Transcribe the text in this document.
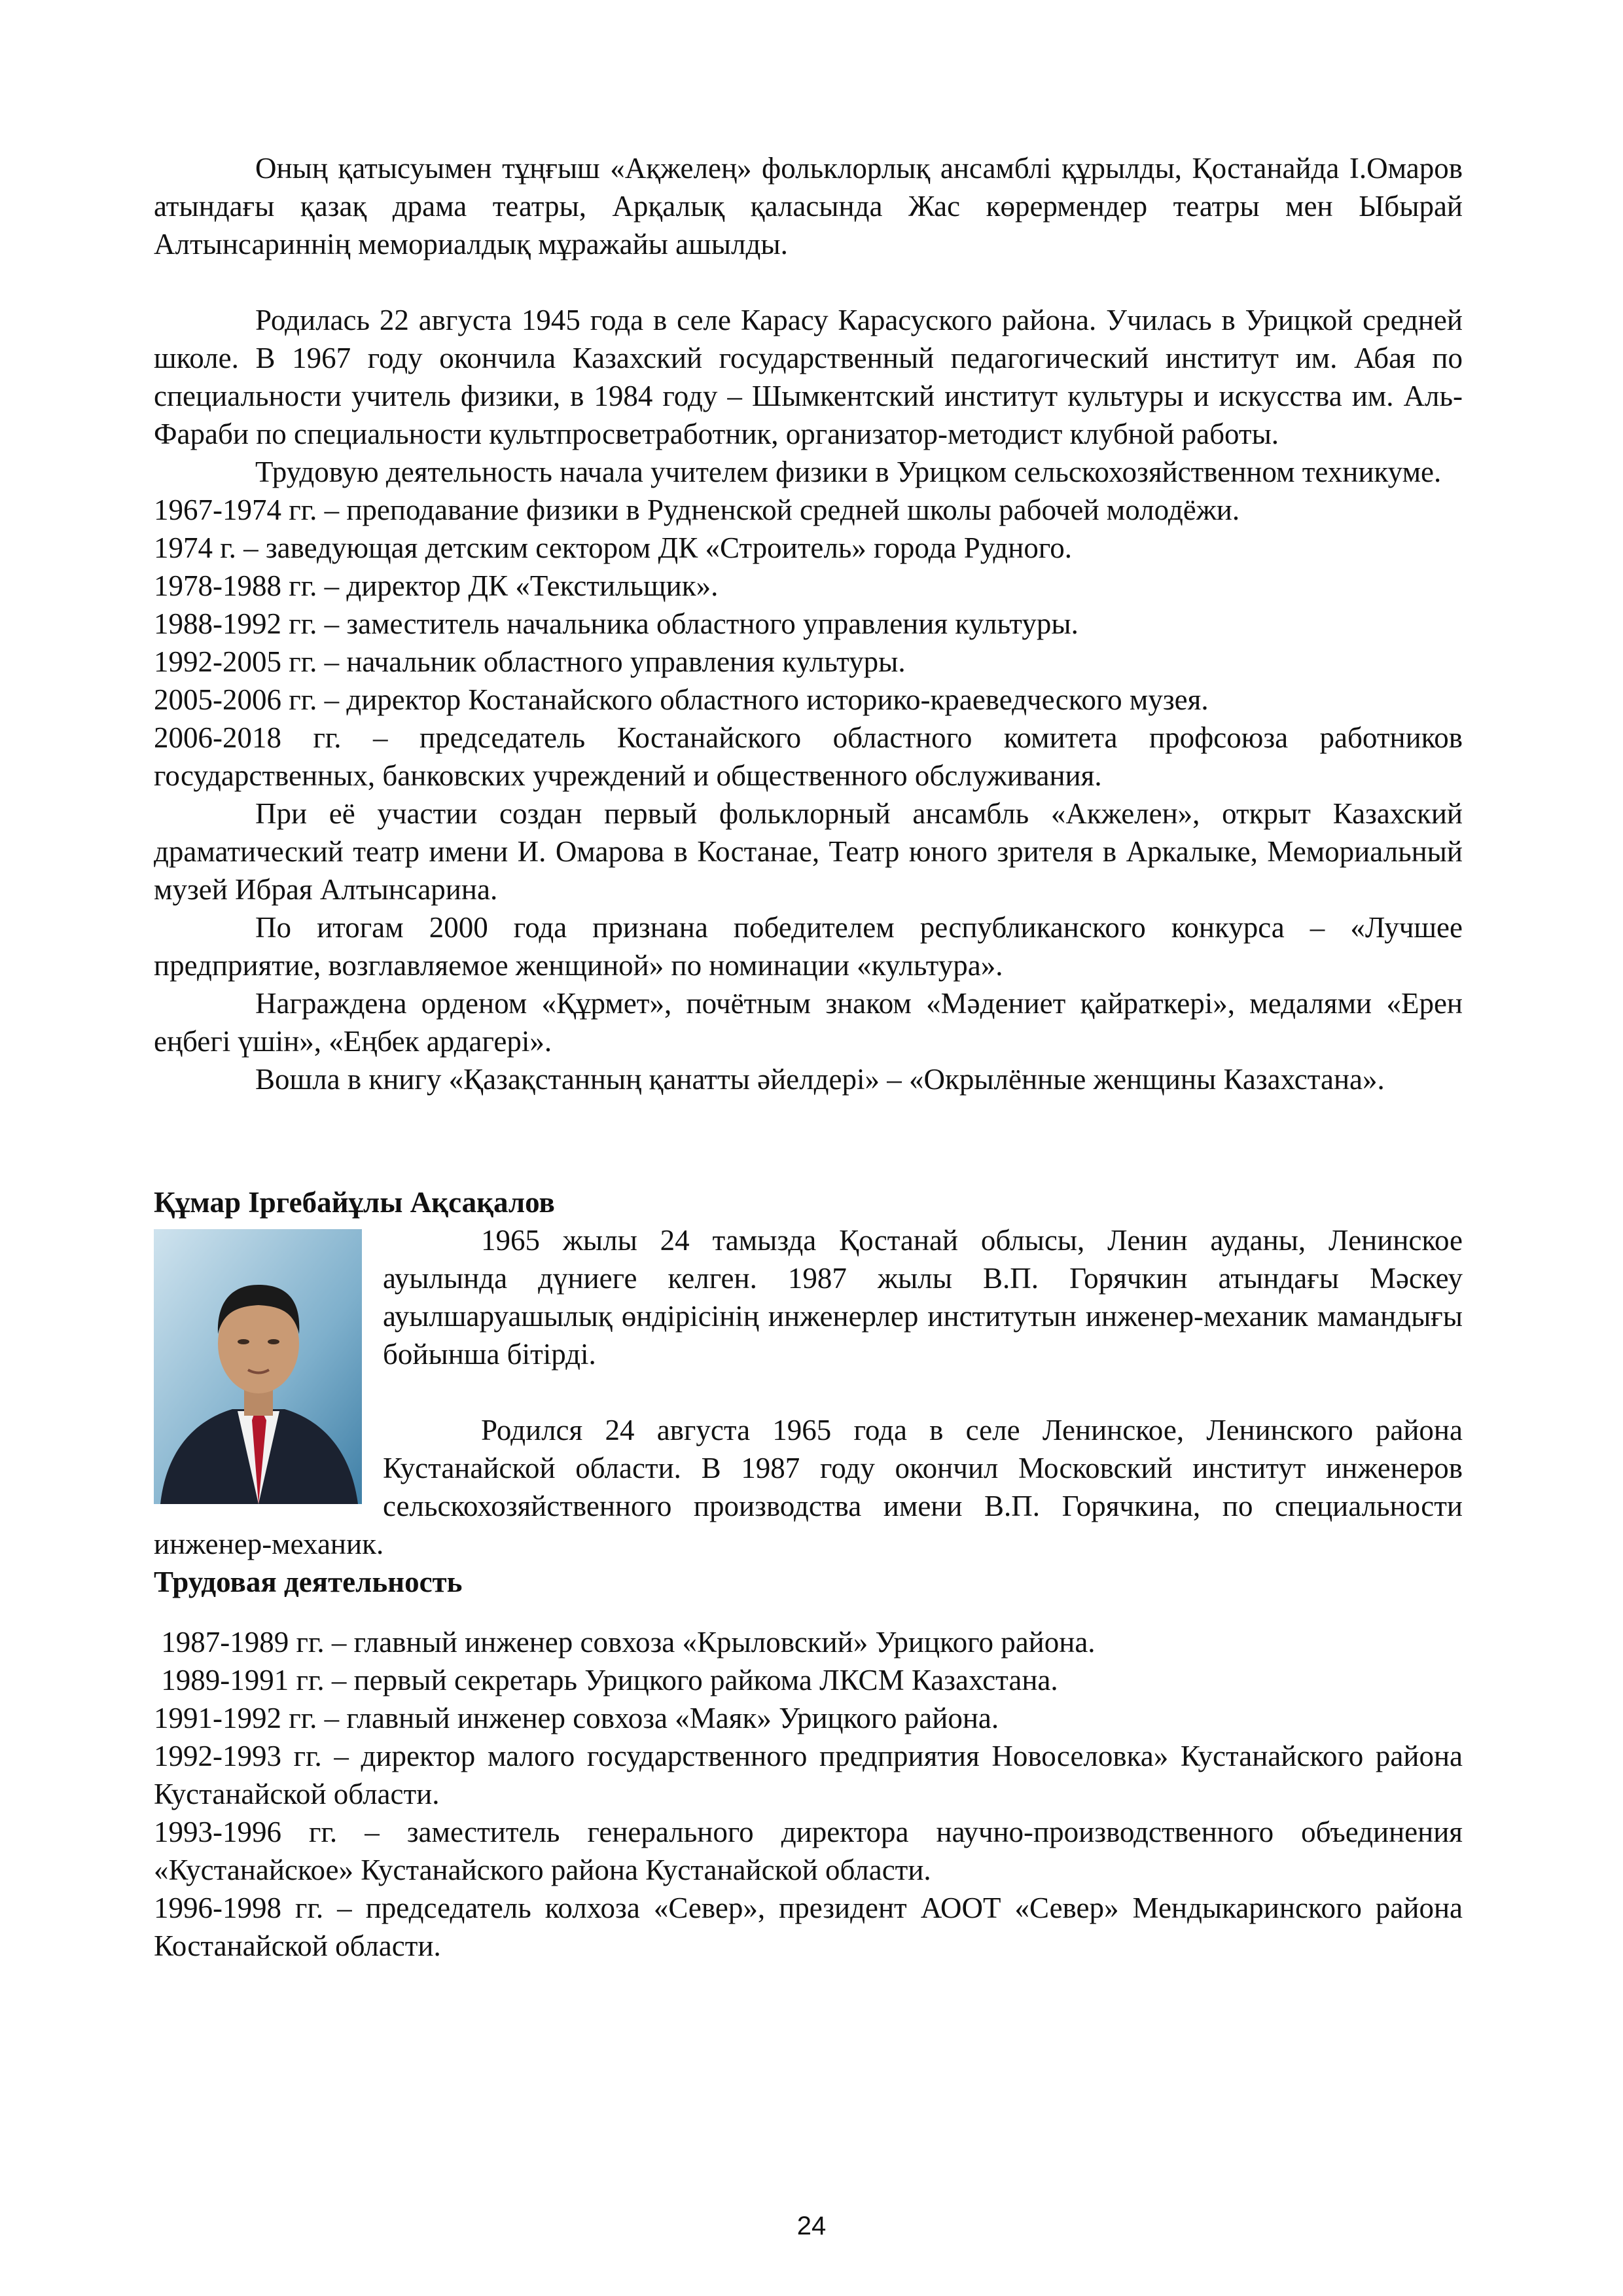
Оның қатысуымен тұңғыш «Ақжелең» фольклорлық ансамблі құрылды, Қостанайда І.Омаров атындағы қазақ драма театры, Арқалық қаласында Жас көрермендер театры мен Ыбырай Алтынсариннің мемориалдық мұражайы ашылды.

Родилась 22 августа 1945 года в селе Карасу Карасуского района. Училась в Урицкой средней школе. В 1967 году окончила Казахский государственный педагогический институт им. Абая по специальности учитель физики, в 1984 году – Шымкентский институт культуры и искусства им. Аль-Фараби по специальности культпросветработник, организатор-методист клубной работы.

Трудовую деятельность начала учителем физики в Урицком сельскохозяйственном техникуме.

1967-1974 гг. – преподавание физики в Рудненской средней школы рабочей молодёжи.

1974 г. – заведующая детским сектором ДК «Строитель» города Рудного.

1978-1988 гг. – директор ДК «Текстильщик».

1988-1992 гг. – заместитель начальника областного управления культуры.

1992-2005 гг. – начальник областного управления культуры.

2005-2006 гг. – директор Костанайского областного историко-краеведческого музея.

2006-2018 гг. – председатель Костанайского областного комитета профсоюза работников государственных, банковских учреждений и общественного обслуживания.

При её участии создан первый фольклорный ансамбль «Акжелен», открыт Казахский драматический театр имени И. Омарова в Костанае, Театр юного зрителя в Аркалыке, Мемориальный музей Ибрая Алтынсарина.

По итогам 2000 года признана победителем республиканского конкурса – «Лучшее предприятие, возглавляемое женщиной» по номинации «культура».

Награждена орденом «Құрмет», почётным знаком «Мәдениет қайраткері», медалями «Ерен еңбегі үшін», «Еңбек ардагері».

Вошла в книгу «Қазақстанның қанатты әйелдері» – «Окрылённые женщины Казахстана».

Құмар Іргебайұлы Ақсақалов

1965 жылы 24 тамызда Қостанай облысы, Ленин ауданы, Ленинское ауылында дүниеге келген. 1987 жылы В.П. Горячкин атындағы Мәскеу ауылшаруашылық өндірісінің инженерлер институтын инженер-механик мамандығы бойынша бітірді.

Родился 24 августа 1965 года в селе Ленинское, Ленинского района Кустанайской области. В 1987 году окончил Московский институт инженеров сельскохозяйственного производства имени В.П. Горячкина, по специальности инженер-механик.

Трудовая деятельность

1987-1989 гг. – главный инженер совхоза «Крыловский» Урицкого района.

1989-1991 гг. – первый секретарь Урицкого райкома ЛКСМ Казахстана.

1991-1992 гг. – главный инженер совхоза «Маяк» Урицкого района.

1992-1993 гг. – директор малого государственного предприятия Новоселовка» Кустанайского района Кустанайской области.

1993-1996 гг. – заместитель генерального директора научно-производственного объединения «Кустанайское» Кустанайского района Кустанайской области.

1996-1998 гг. – председатель колхоза «Север», президент АООТ «Север» Мендыкаринского района Костанайской области.

24
